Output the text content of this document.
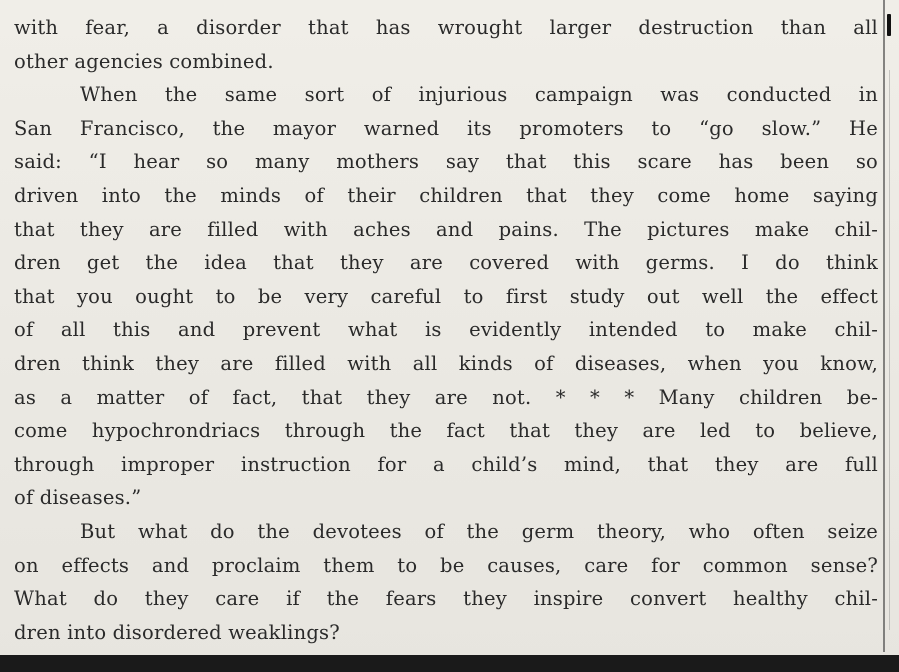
with fear, a disorder that has wrought larger destruction than all
other agencies combined.
When the same sort of injurious campaign was conducted in
San Francisco, the mayor warned its promoters to “go slow.” He
said: “I hear so many mothers say that this scare has been so
driven into the minds of their children that they come home saying
that they are filled with aches and pains. The pictures make chil-
dren get the idea that they are covered with germs. I do think
that you ought to be very careful to first study out well the effect
of all this and prevent what is evidently intended to make chil-
dren think they are filled with all kinds of diseases, when you know,
as a matter of fact, that they are not. * * * Many children be-
come hypochrondriacs through the fact that they are led to believe,
through improper instruction for a child’s mind, that they are full
of diseases.”
But what do the devotees of the germ theory, who often seize
on effects and proclaim them to be causes, care for common sense?
What do they care if the fears they inspire convert healthy chil-
dren into disordered weaklings?
